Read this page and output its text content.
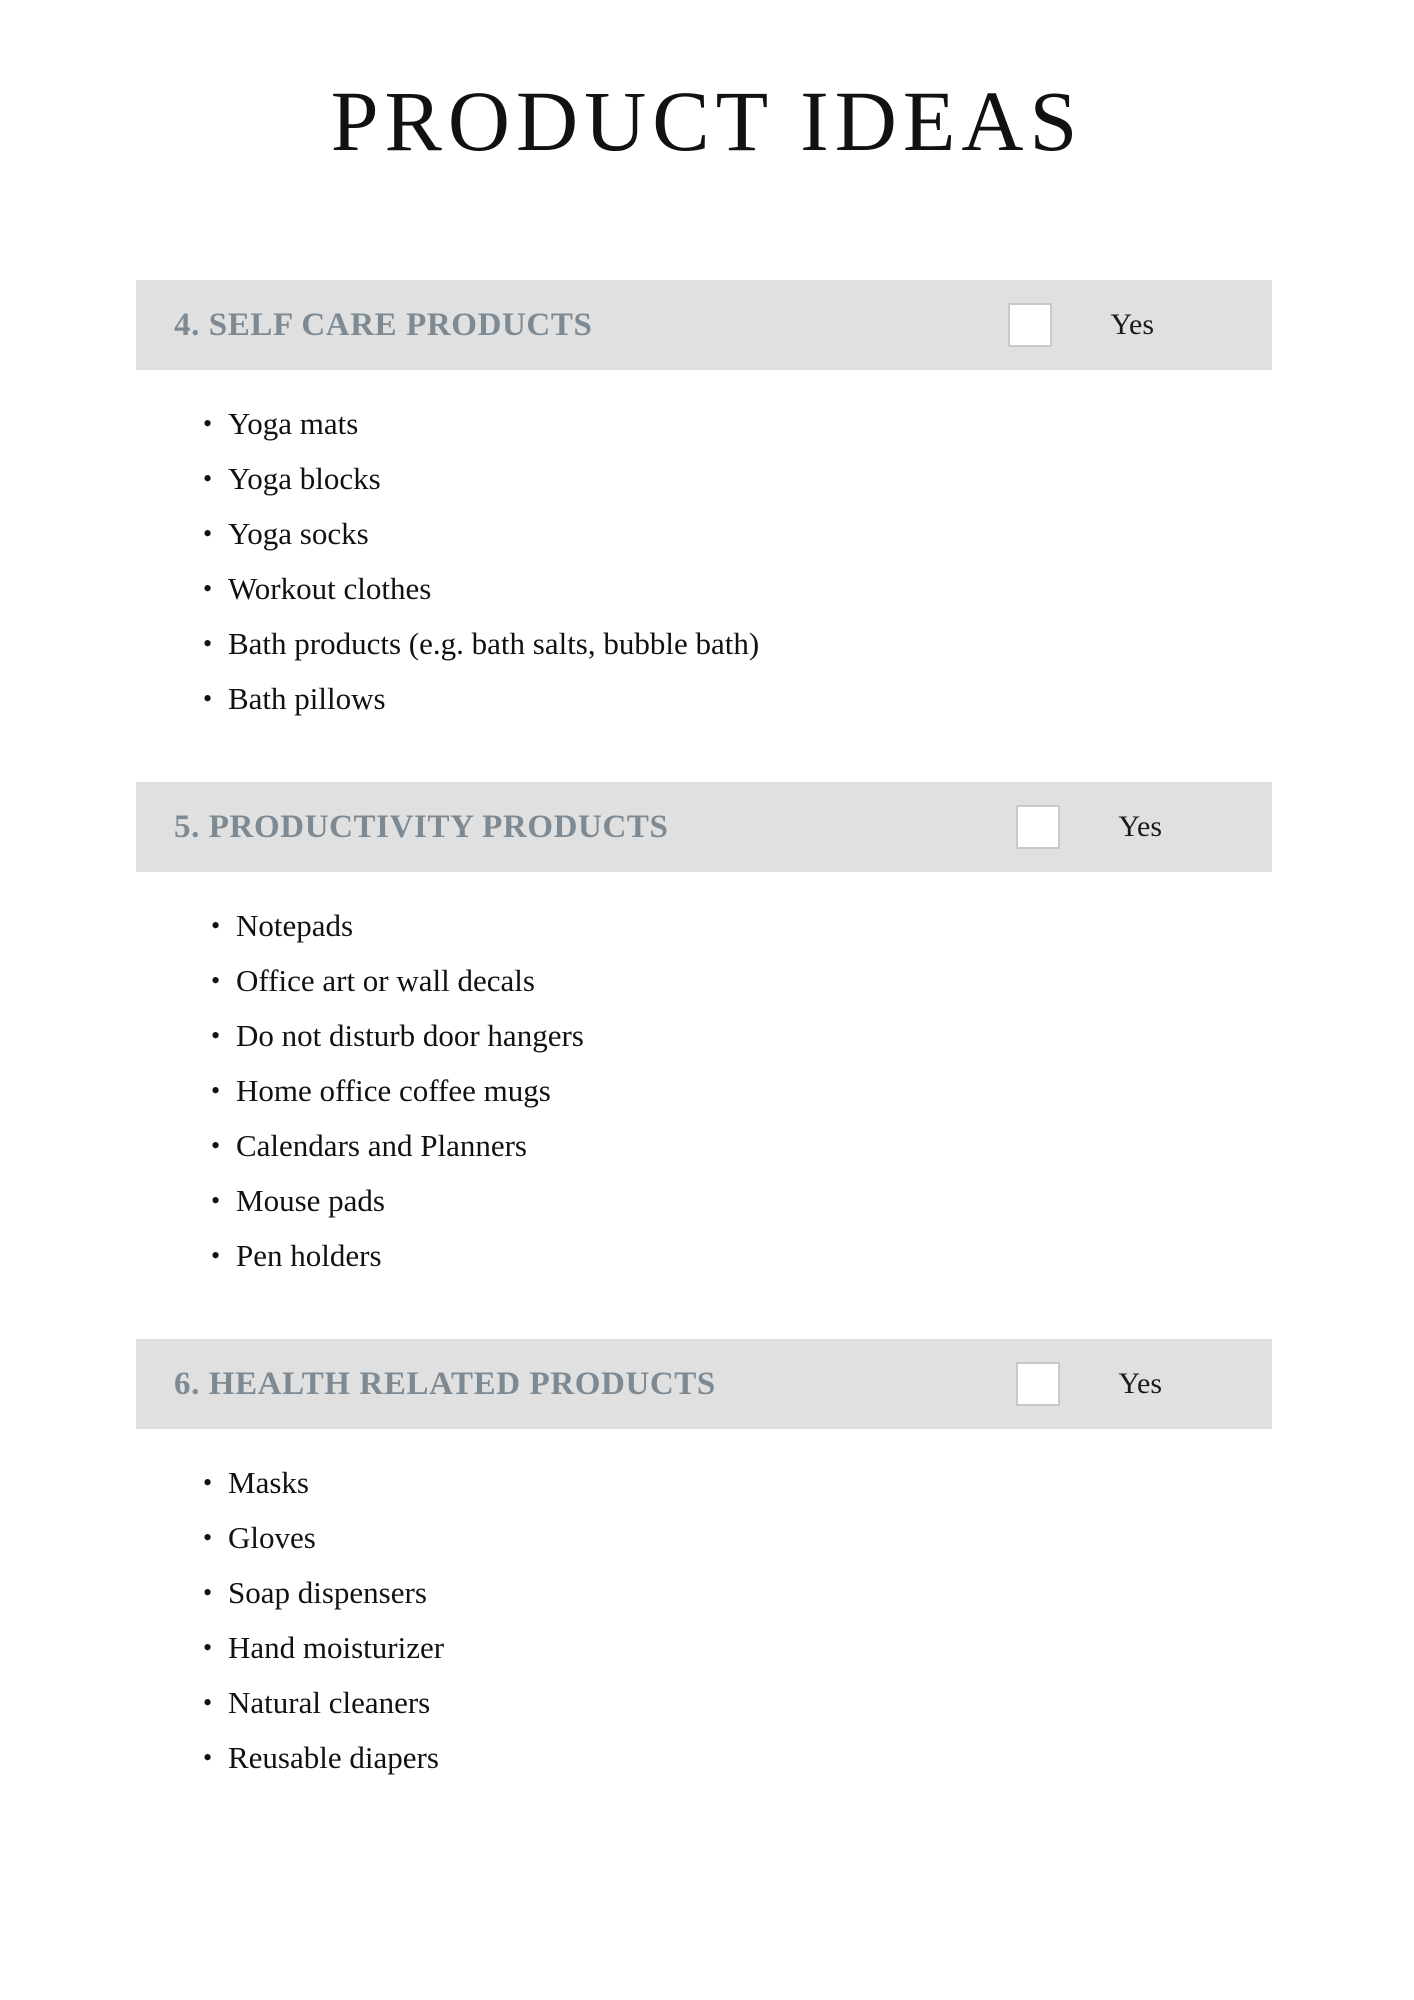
PRODUCT IDEAS
4. SELF CARE PRODUCTS	Yes
• Yoga mats
• Yoga blocks
• Yoga socks
• Workout clothes
• Bath products (e.g. bath salts, bubble bath)
• Bath pillows
5. PRODUCTIVITY PRODUCTS	Yes
• Notepads
• Office art or wall decals
• Do not disturb door hangers
• Home office coffee mugs
• Calendars and Planners
• Mouse pads
• Pen holders
6. HEALTH RELATED PRODUCTS	Yes
• Masks
• Gloves
• Soap dispensers
• Hand moisturizer
• Natural cleaners
• Reusable diapers
